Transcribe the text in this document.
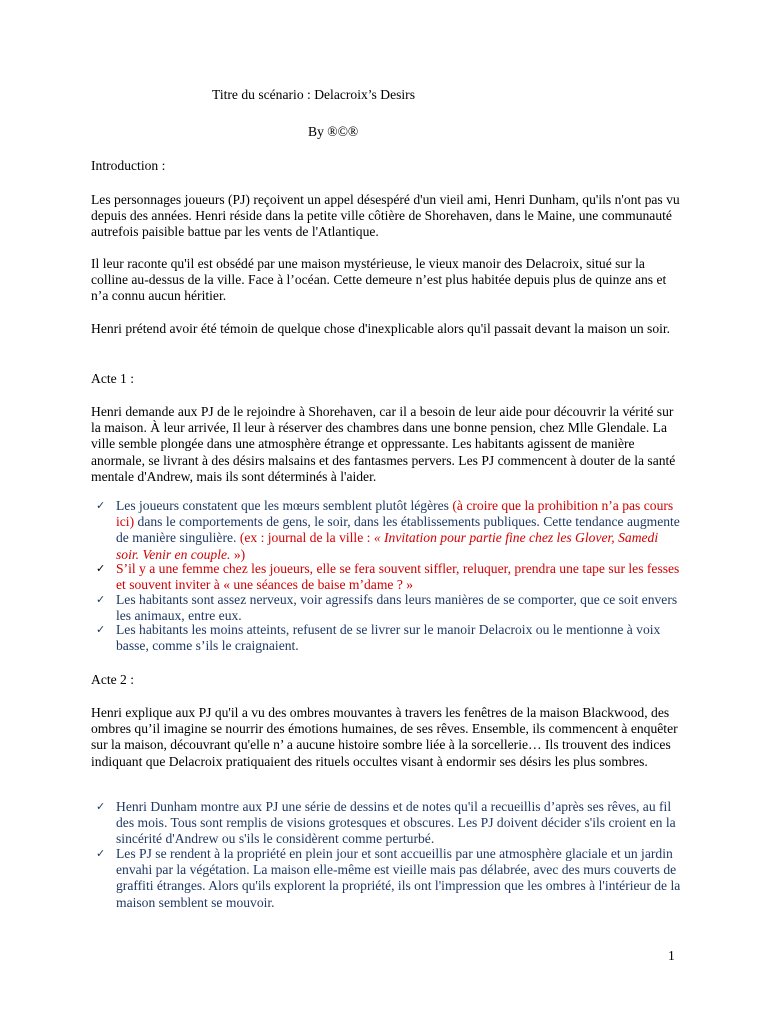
Titre du scénario : Delacroix’s Desirs

By ®©®

Introduction :

Les personnages joueurs (PJ) reçoivent un appel désespéré d'un vieil ami, Henri Dunham, qu'ils n'ont pas vu depuis des années. Henri réside dans la petite ville côtière de Shorehaven, dans le Maine, une communauté autrefois paisible battue par les vents de l'Atlantique.

Il leur raconte qu'il est obsédé par une maison mystérieuse, le vieux manoir des Delacroix, situé sur la colline au-dessus de la ville. Face à l’océan. Cette demeure n’est plus habitée depuis plus de quinze ans et n’a connu aucun héritier.

Henri prétend avoir été témoin de quelque chose d'inexplicable alors qu'il passait devant la maison un soir.

Acte 1 :

Henri demande aux PJ de le rejoindre à Shorehaven, car il a besoin de leur aide pour découvrir la vérité sur la maison. À leur arrivée, Il leur à réserver des chambres dans une bonne pension, chez Mlle Glendale. La ville semble plongée dans une atmosphère étrange et oppressante. Les habitants agissent de manière anormale, se livrant à des désirs malsains et des fantasmes pervers. Les PJ commencent à douter de la santé mentale d'Andrew, mais ils sont déterminés à l'aider.

✓ Les joueurs constatent que les mœurs semblent plutôt légères (à croire que la prohibition n’a pas cours ici) dans le comportements de gens, le soir, dans les établissements publiques. Cette tendance augmente de manière singulière. (ex : journal de la ville : « Invitation pour partie fine chez les Glover, Samedi soir. Venir en couple. »)
✓ S’il y a une femme chez les joueurs, elle se fera souvent siffler, reluquer, prendra une tape sur les fesses et souvent inviter à « une séances de baise m’dame ? »
✓ Les habitants sont assez nerveux, voir agressifs dans leurs manières de se comporter, que ce soit envers les animaux, entre eux.
✓ Les habitants les moins atteints, refusent de se livrer sur le manoir Delacroix ou le mentionne à voix basse, comme s’ils le craignaient.

Acte 2 :

Henri explique aux PJ qu'il a vu des ombres mouvantes à travers les fenêtres de la maison Blackwood, des ombres qu’il imagine se nourrir des émotions humaines, de ses rêves. Ensemble, ils commencent à enquêter sur la maison, découvrant qu'elle n’ a aucune histoire sombre liée à la sorcellerie… Ils trouvent des indices indiquant que Delacroix pratiquaient des rituels occultes visant à endormir ses désirs les plus sombres.

✓ Henri Dunham montre aux PJ une série de dessins et de notes qu'il a recueillis d’après ses rêves, au fil des mois. Tous sont remplis de visions grotesques et obscures. Les PJ doivent décider s'ils croient en la sincérité d'Andrew ou s'ils le considèrent comme perturbé.
✓ Les PJ se rendent à la propriété en plein jour et sont accueillis par une atmosphère glaciale et un jardin envahi par la végétation. La maison elle-même est vieille mais pas délabrée, avec des murs couverts de graffiti étranges. Alors qu'ils explorent la propriété, ils ont l'impression que les ombres à l'intérieur de la maison semblent se mouvoir.

1
